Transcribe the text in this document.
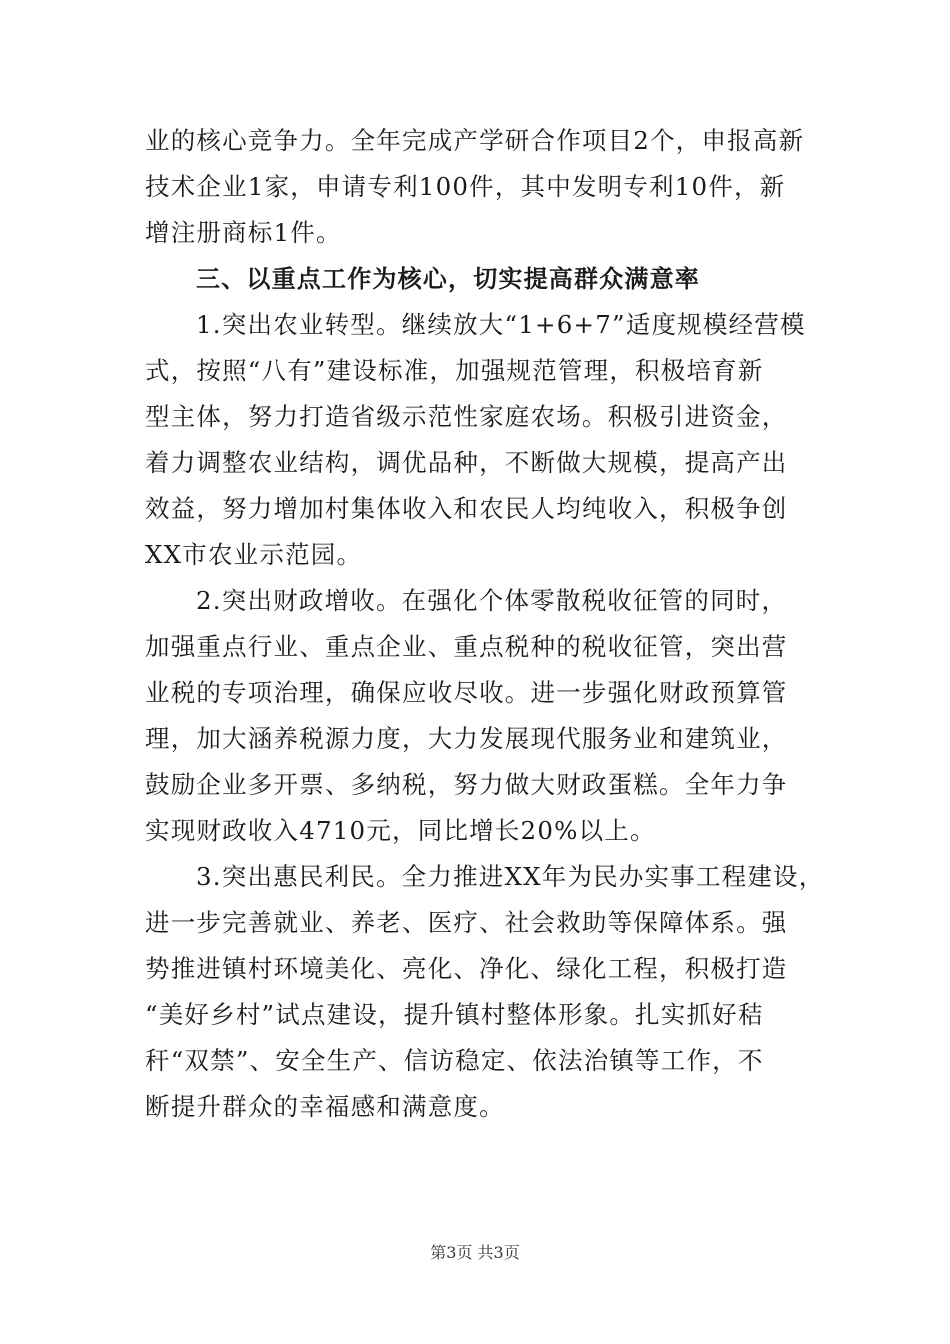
业的核心竞争力。全年完成产学研合作项目2个，申报高新
技术企业1家，申请专利100件，其中发明专利10件，新
增注册商标1件。
三、以重点工作为核心，切实提高群众满意率
1.突出农业转型。继续放大“1+6+7”适度规模经营模
式，按照“八有”建设标准，加强规范管理，积极培育新
型主体，努力打造省级示范性家庭农场。积极引进资金，
着力调整农业结构，调优品种，不断做大规模，提高产出
效益，努力增加村集体收入和农民人均纯收入，积极争创
XX市农业示范园。
2.突出财政增收。在强化个体零散税收征管的同时，
加强重点行业、重点企业、重点税种的税收征管，突出营
业税的专项治理，确保应收尽收。进一步强化财政预算管
理，加大涵养税源力度，大力发展现代服务业和建筑业，
鼓励企业多开票、多纳税，努力做大财政蛋糕。全年力争
实现财政收入4710元，同比增长20%以上。
3.突出惠民利民。全力推进XX年为民办实事工程建设，
进一步完善就业、养老、医疗、社会救助等保障体系。强
势推进镇村环境美化、亮化、净化、绿化工程，积极打造
“美好乡村”试点建设，提升镇村整体形象。扎实抓好秸
秆“双禁”、安全生产、信访稳定、依法治镇等工作，不
断提升群众的幸福感和满意度。
第3页 共3页
